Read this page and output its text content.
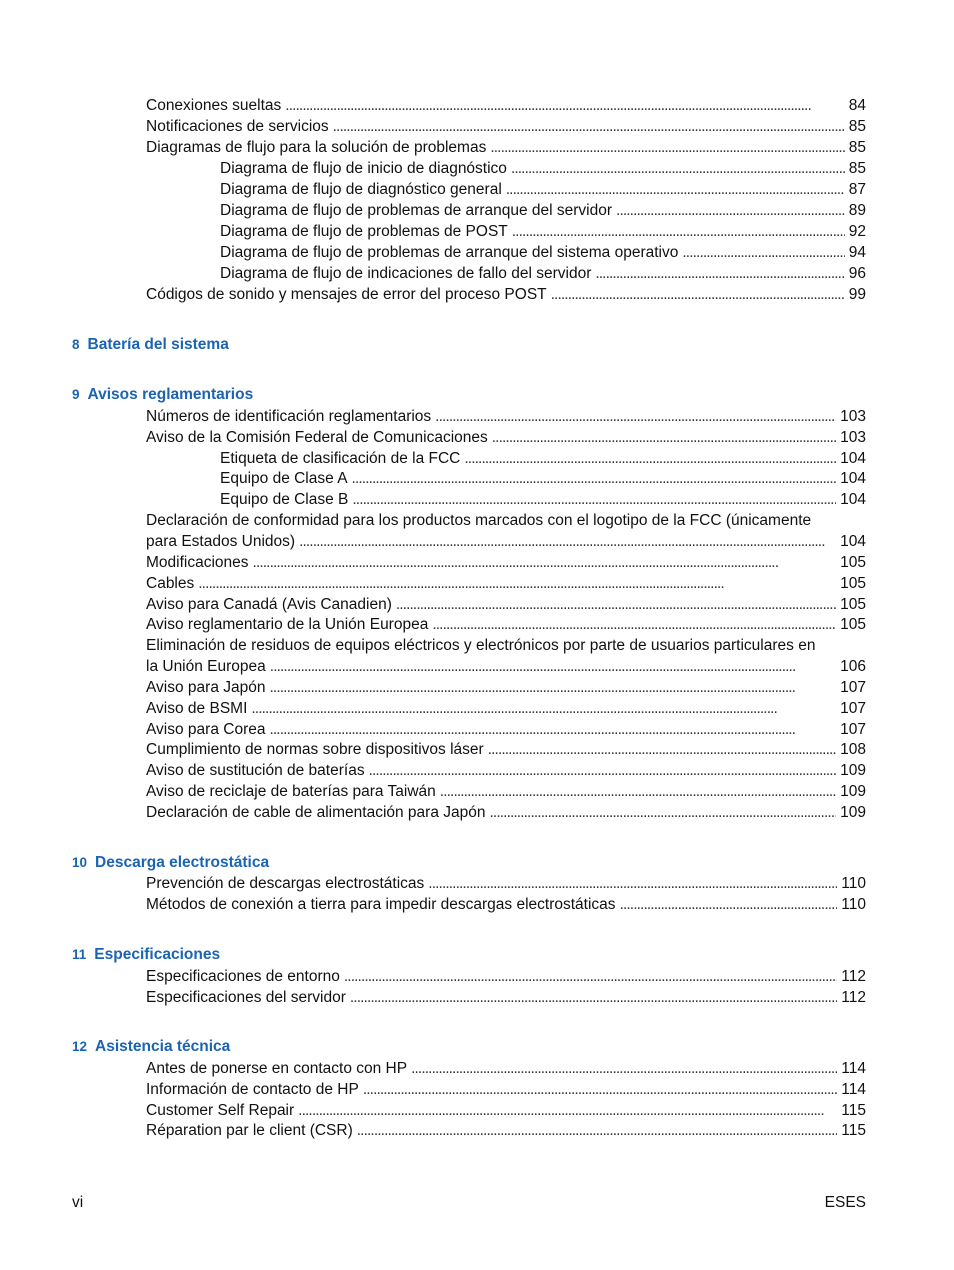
Conexiones sueltas . . .	84
Notificaciones de servicios . . .	85
Diagramas de flujo para la solución de problemas . . .	85
Diagrama de flujo de inicio de diagnóstico . . .	85
Diagrama de flujo de diagnóstico general . . .	87
Diagrama de flujo de problemas de arranque del servidor . . .	89
Diagrama de flujo de problemas de POST . . .	92
Diagrama de flujo de problemas de arranque del sistema operativo . . .	94
Diagrama de flujo de indicaciones de fallo del servidor . . .	96
Códigos de sonido y mensajes de error del proceso POST . . .	99
8 Batería del sistema
9 Avisos reglamentarios
Números de identificación reglamentarios . . .	103
Aviso de la Comisión Federal de Comunicaciones . . .	103
Etiqueta de clasificación de la FCC . . .	104
Equipo de Clase A . . .	104
Equipo de Clase B . . .	104
Declaración de conformidad para los productos marcados con el logotipo de la FCC (únicamente
para Estados Unidos) . . .	104
Modificaciones . . .	105
Cables . . .	105
Aviso para Canadá (Avis Canadien) . . .	105
Aviso reglamentario de la Unión Europea . . .	105
Eliminación de residuos de equipos eléctricos y electrónicos por parte de usuarios particulares en
la Unión Europea . . .	106
Aviso para Japón . . .	107
Aviso de BSMI . . .	107
Aviso para Corea . . .	107
Cumplimiento de normas sobre dispositivos láser . . .	108
Aviso de sustitución de baterías . . .	109
Aviso de reciclaje de baterías para Taiwán . . .	109
Declaración de cable de alimentación para Japón . . .	109
10 Descarga electrostática
Prevención de descargas electrostáticas . . .	110
Métodos de conexión a tierra para impedir descargas electrostáticas . . .	110
11 Especificaciones
Especificaciones de entorno . . .	112
Especificaciones del servidor . . .	112
12 Asistencia técnica
Antes de ponerse en contacto con HP . . .	114
Información de contacto de HP . . .	114
Customer Self Repair . . .	115
Réparation par le client (CSR) . . .	115
vi	ESES
